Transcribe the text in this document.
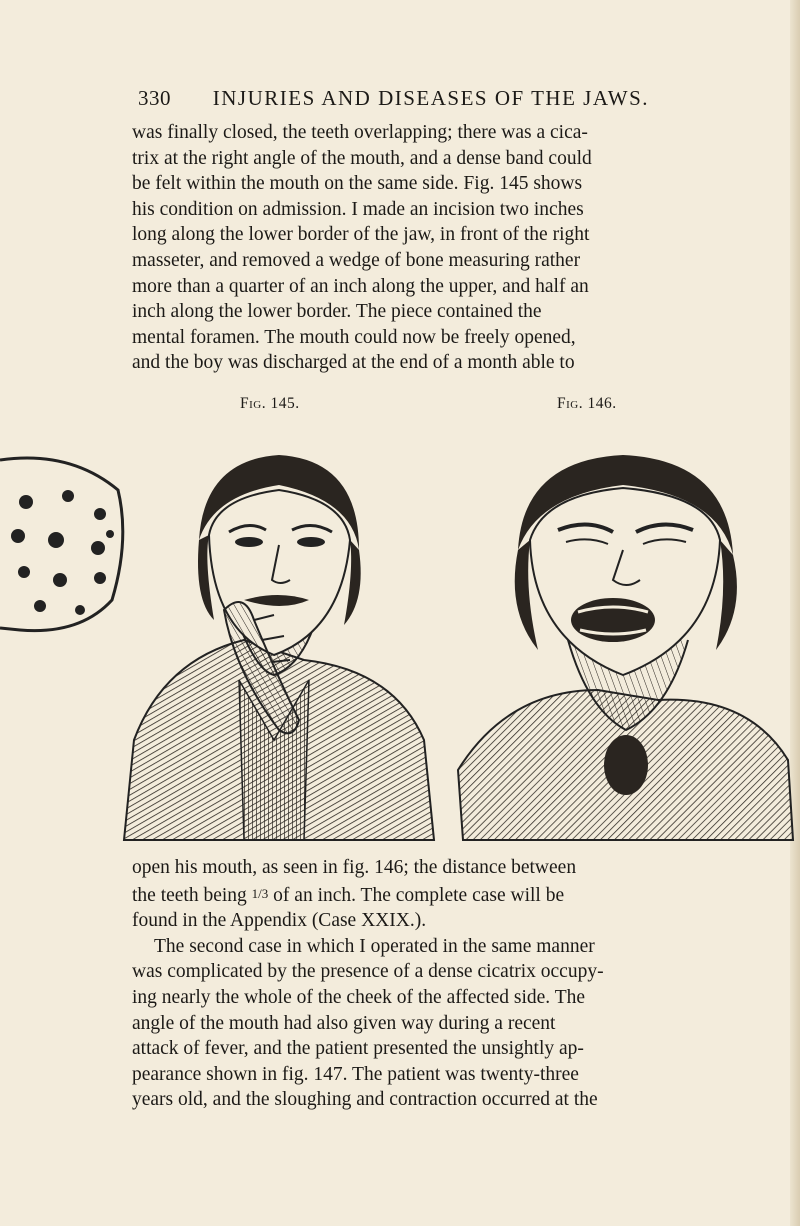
330 INJURIES AND DISEASES OF THE JAWS.

was finally closed, the teeth overlapping; there was a cica-

trix at the right angle of the mouth, and a dense band could

be felt within the mouth on the same side. Fig. 145 shows

his condition on admission. I made an incision two inches

long along the lower border of the jaw, in front of the right

masseter, and removed a wedge of bone measuring rather

more than a quarter of an inch along the upper, and half an

inch along the lower border. The piece contained the

mental foramen. The mouth could now be freely opened,

and the boy was discharged at the end of a month able to

Fig. 145.	Fig. 146.

open his mouth, as seen in fig. 146; the distance between

the teeth being 1/3 of an inch. The complete case will be

found in the Appendix (Case XXIX.).

The second case in which I operated in the same manner

was complicated by the presence of a dense cicatrix occupy-

ing nearly the whole of the cheek of the affected side. The

angle of the mouth had also given way during a recent

attack of fever, and the patient presented the unsightly ap-

pearance shown in fig. 147. The patient was twenty-three

years old, and the sloughing and contraction occurred at the
